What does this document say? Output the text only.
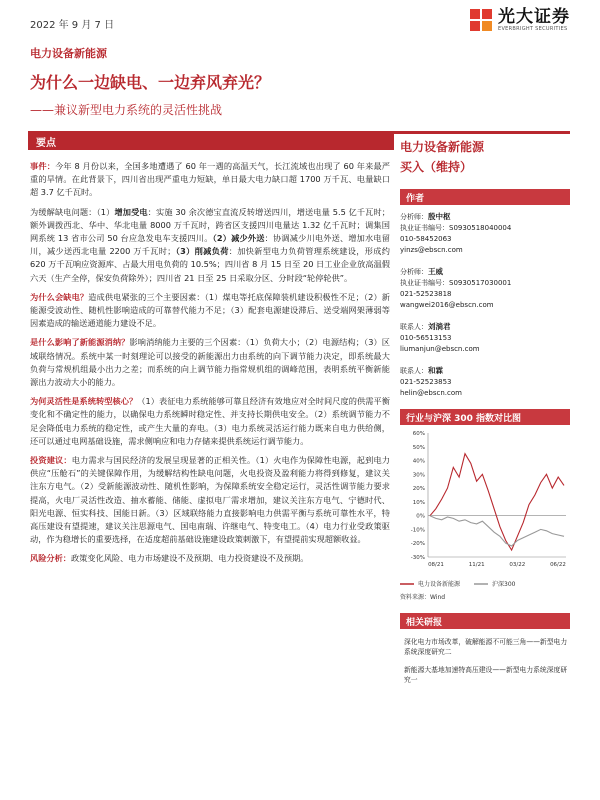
2022 年 9 月 7 日	光大证券
EVERBRIGHT SECURITIES
电力设备新能源
为什么一边缺电、一边弃风弃光？
——兼议新型电力系统的灵活性挑战
要点

事件：今年 8 月份以来，全国多地遭遇了 60 年一遇的高温天气，长江流域也出现了 60 年来最严重的旱情。在此背景下，四川省出现严重电力短缺，单日最大电力缺口超 1700 万千瓦、电量缺口超 3.7 亿千瓦时。

为缓解缺电问题：（1）增加受电：实施 30 余次德宝直流反转增送四川，增送电量 5.5 亿千瓦时；额外调拨西北、华中、华北电量 8000 万千瓦时，跨省区支援四川电量达 1.32 亿千瓦时；调集国网系统 13 省市公司 50 台应急发电车支援四川。（2）减少外送：协调减少川电外送、增加水电留川，减少送西北电量 2200 万千瓦时；（3）削减负荷：加快新型电力负荷管理系统建设，形成约 620 万千瓦响应资源库、占最大用电负荷的 10.5%；四川省 8 月 15 日至 20 日工业企业放高温假六天（生产全停，保安负荷除外）；四川省 21 日至 25 日采取分区、分时段“轮停轮供”。

为什么会缺电？造成供电紧张的三个主要因素：（1）煤电等托底保障装机建设积极性不足；（2）新能源受波动性、随机性影响造成的可靠替代能力不足；（3）配套电源建设滞后、送受端网架薄弱等因素造成的输送通道能力建设不足。

是什么影响了新能源消纳？影响消纳能力主要的三个因素：（1）负荷大小；（2）电源结构；（3）区域联络情况。系统中某一时刻理论可以接受的新能源出力由系统的向下调节能力决定，即系统最大负荷与常规机组最小出力之差；而系统的向上调节能力指常规机组的调峰范围，表明系统平衡新能源出力波动大小的能力。

为何灵活性是系统转型核心？（1）表征电力系统能够可靠且经济有效地应对全时间尺度的供需平衡变化和不确定性的能力，以确保电力系统瞬时稳定性、并支持长期供电安全。（2）系统调节能力不足会降低电力系统的稳定性，或产生大量的弃电。（3）电力系统灵活运行能力既来自电力供给侧，还可以通过电网基础设施，需求侧响应和电力存储来提供系统运行调节能力。

投资建议：电力需求与国民经济的发展呈现显著的正相关性。（1）火电作为保障性电源，起到电力供应“压舱石”的关键保障作用，为缓解结构性缺电问题，火电投资及盈利能力将得到修复，建议关注东方电气。（2）受新能源波动性、随机性影响，为保障系统安全稳定运行，灵活性调节能力要求提高，火电厂灵活性改造、抽水蓄能、储能、虚拟电厂需求增加，建议关注东方电气、宁德时代、阳光电源、恒实科技、国能日新。（3）区域联络能力直接影响电力供需平衡与系统可靠性水平，特高压建设有望提速，建议关注思源电气、国电南瑞、许继电气、特变电工。（4）电力行业受政策驱动，作为稳增长的重要选择，在适度超前基础设施建设政策刺激下，有望提前实现超额收益。

风险分析：政策变化风险、电力市场建设不及预期、电力投资建设不及预期。

电力设备新能源
买入（维持）
作者
分析师：殷中枢
执业证书编号：S0930518040004
010-58452063
yinzs@ebscn.com
分析师：王威
执业证书编号：S0930517030001
021-52523818
wangwei2016@ebscn.com
联系人：刘淌君
010-56513153
liumanjun@ebscn.com
联系人：和霖
021-52523853
helin@ebscn.com
行业与沪深 300 指数对比图
60%
50%
40%
30%
20%
10%
0%
-10%
-20%
-30%
08/21	11/21	03/22	06/22
电力设备新能源	沪深300
资料来源：Wind
相关研报
深化电力市场改革，破解能源不可能三角——新型电力系统深度研究二
新能源大基地加速特高压建设——新型电力系统深度研究一
